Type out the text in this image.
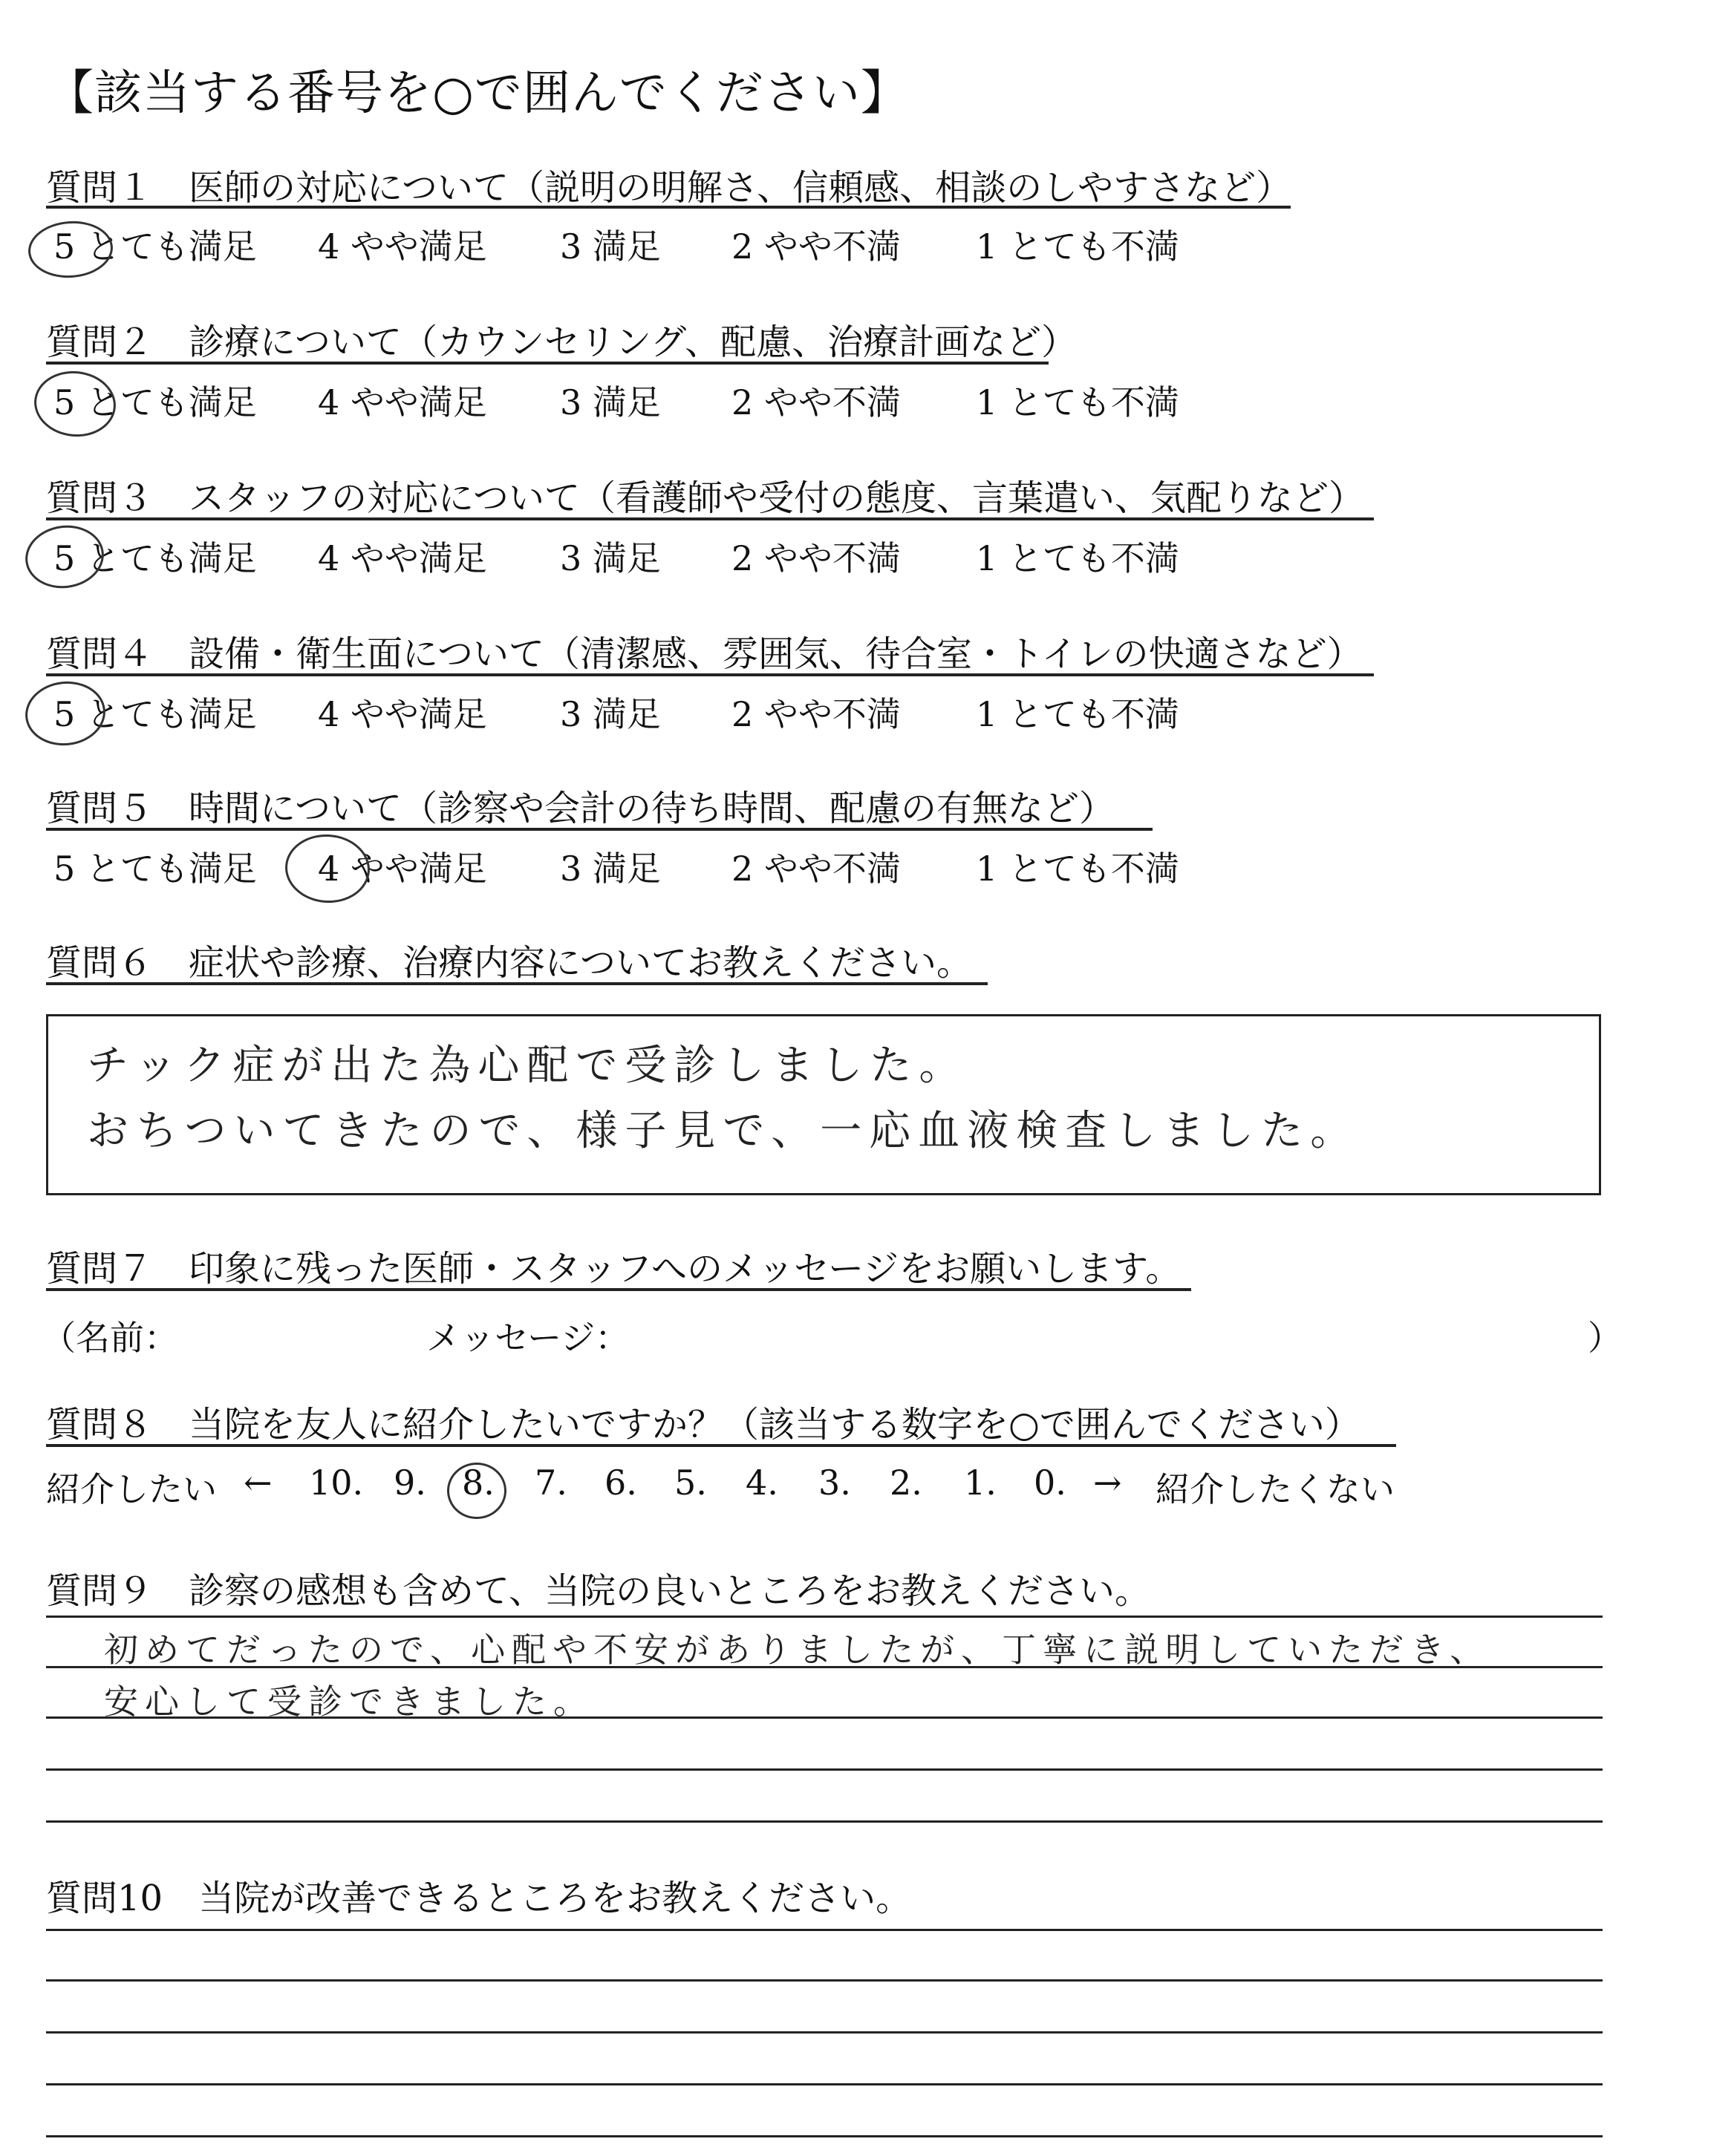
【該当する番号を○で囲んでください】
質問１　医師の対応について（説明の明解さ、信頼感、相談のしやすさなど）
5 とても満足 4 やや満足 3 満足 2 やや不満 1 とても不満
質問２　診療について（カウンセリング、配慮、治療計画など）
5 とても満足 4 やや満足 3 満足 2 やや不満 1 とても不満
質問３　スタッフの対応について（看護師や受付の態度、言葉遣い、気配りなど）
5 とても満足 4 やや満足 3 満足 2 やや不満 1 とても不満
質問４　設備・衛生面について（清潔感、雰囲気、待合室・トイレの快適さなど）
5 とても満足 4 やや満足 3 満足 2 やや不満 1 とても不満
質問５　時間について（診察や会計の待ち時間、配慮の有無など）
5 とても満足 4 やや満足 3 満足 2 やや不満 1 とても不満
質問６　症状や診療、治療内容についてお教えください。
チック症が出た為心配で受診しました。
おちついてきたので、様子見で、一応血液検査しました。
質問７　印象に残った医師・スタッフへのメッセージをお願いします。
（名前：	メッセージ：	）
質問８　当院を友人に紹介したいですか？（該当する数字を○で囲んでください）
紹介したい ← 10. 9. 8. 7. 6. 5. 4. 3. 2. 1. 0. → 紹介したくない
質問９　診察の感想も含めて、当院の良いところをお教えください。
初めてだったので、心配や不安がありましたが、丁寧に説明していただき、
安心して受診できました。
質問10　当院が改善できるところをお教えください。
